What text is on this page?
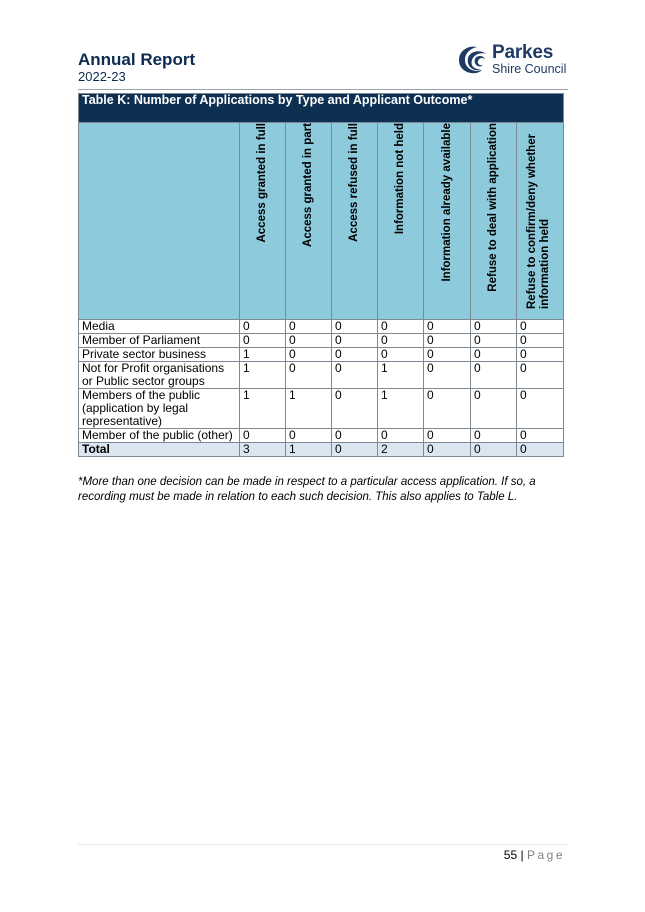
Annual Report
2022-23
Parkes
Shire Council
Table K: Number of Applications by Type and Applicant Outcome*							

	Access granted in full	Access granted in part	Access refused in full	Information not held	Information already available	Refuse to deal with application	Refuse to confirm/deny whether information held

Media	0	0	0	0	0	0	0
Member of Parliament	0	0	0	0	0	0	0
Private sector business	1	0	0	0	0	0	0
Not for Profit organisations or Public sector groups	1	0	0	1	0	0	0
Members of the public (application by legal representative)	1	1	0	1	0	0	0
Member of the public (other)	0	0	0	0	0	0	0
Total	3	1	0	2	0	0	0
*More than one decision can be made in respect to a particular access application. If so, a recording must be made in relation to each such decision. This also applies to Table L.
55 | Page
